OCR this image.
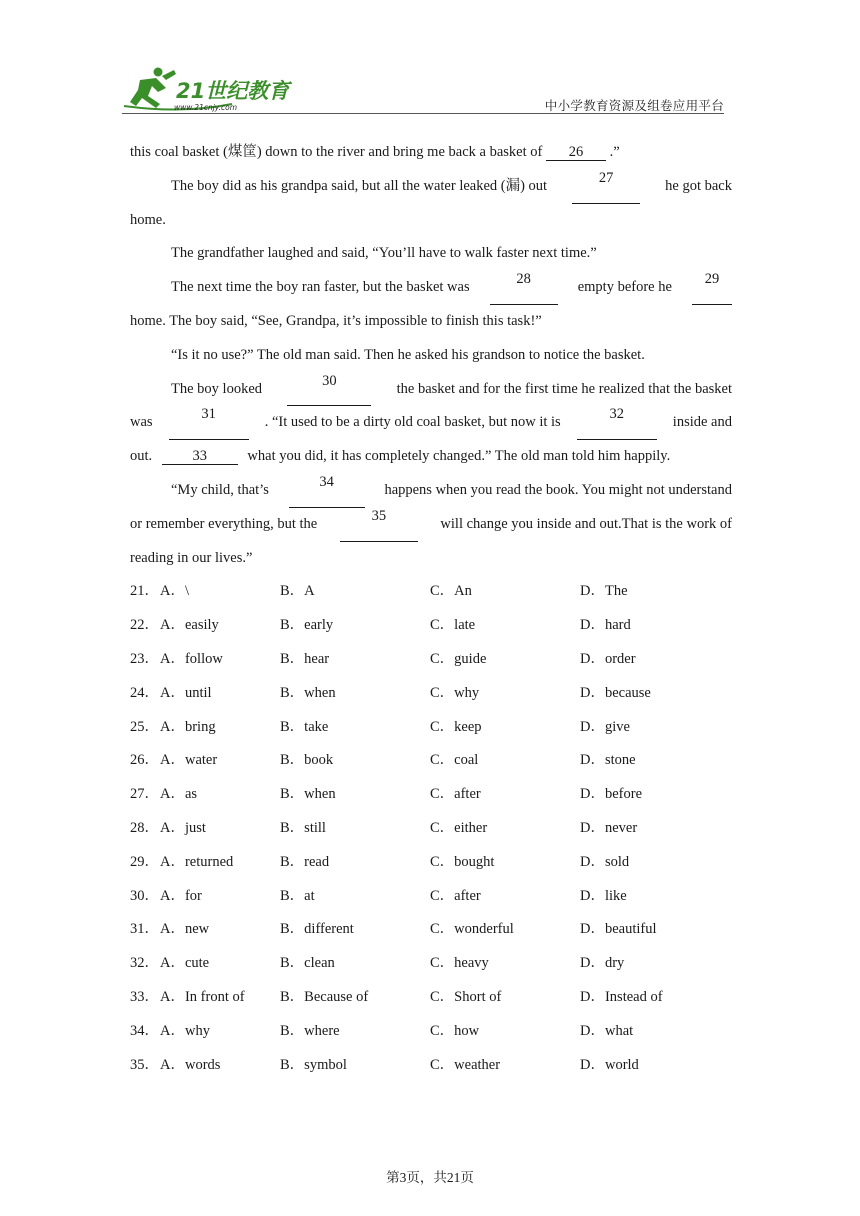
21世纪教育
www.21cnjy.com	中小学教育资源及组卷应用平台
this coal basket (煤筐) down to the river and bring me back a basket of 26 .”
The boy did as his grandpa said, but all the water leaked (漏) out	27	he got back
home.
The grandfather laughed and said, “You’ll have to walk faster next time.”
The next time the boy ran faster, but the basket was	28	empty before he	29
home. The boy said, “See, Grandpa, it’s impossible to finish this task!”
“Is it no use?” The old man said. Then he asked his grandson to notice the basket.
The boy looked	30	the basket and for the first time he realized that the basket
was	31	. “It used to be a dirty old coal basket, but now it is	32	inside and
out.	33	what you did, it has completely changed.” The old man told him happily.
“My child, that’s	34	happens when you read the book. You might not understand
or remember everything, but the	35	will change you inside and out.That is the work of
reading in our lives.”
21． A．\	B．A	C．An	D．The
22． A．easily	B．early	C．late	D．hard
23． A．follow	B．hear	C．guide	D．order
24． A．until	B．when	C．why	D．because
25． A．bring	B．take	C．keep	D．give
26． A．water	B．book	C．coal	D．stone
27． A．as	B．when	C．after	D．before
28． A．just	B．still	C．either	D．never
29． A．returned	B．read	C．bought	D．sold
30． A．for	B．at	C．after	D．like
31． A．new	B．different	C．wonderful	D．beautiful
32． A．cute	B．clean	C．heavy	D．dry
33． A．In front of	B．Because of	C．Short of	D．Instead of
34． A．why	B．where	C．how	D．what
35． A．words	B．symbol	C．weather	D．world
第3页，共21页
